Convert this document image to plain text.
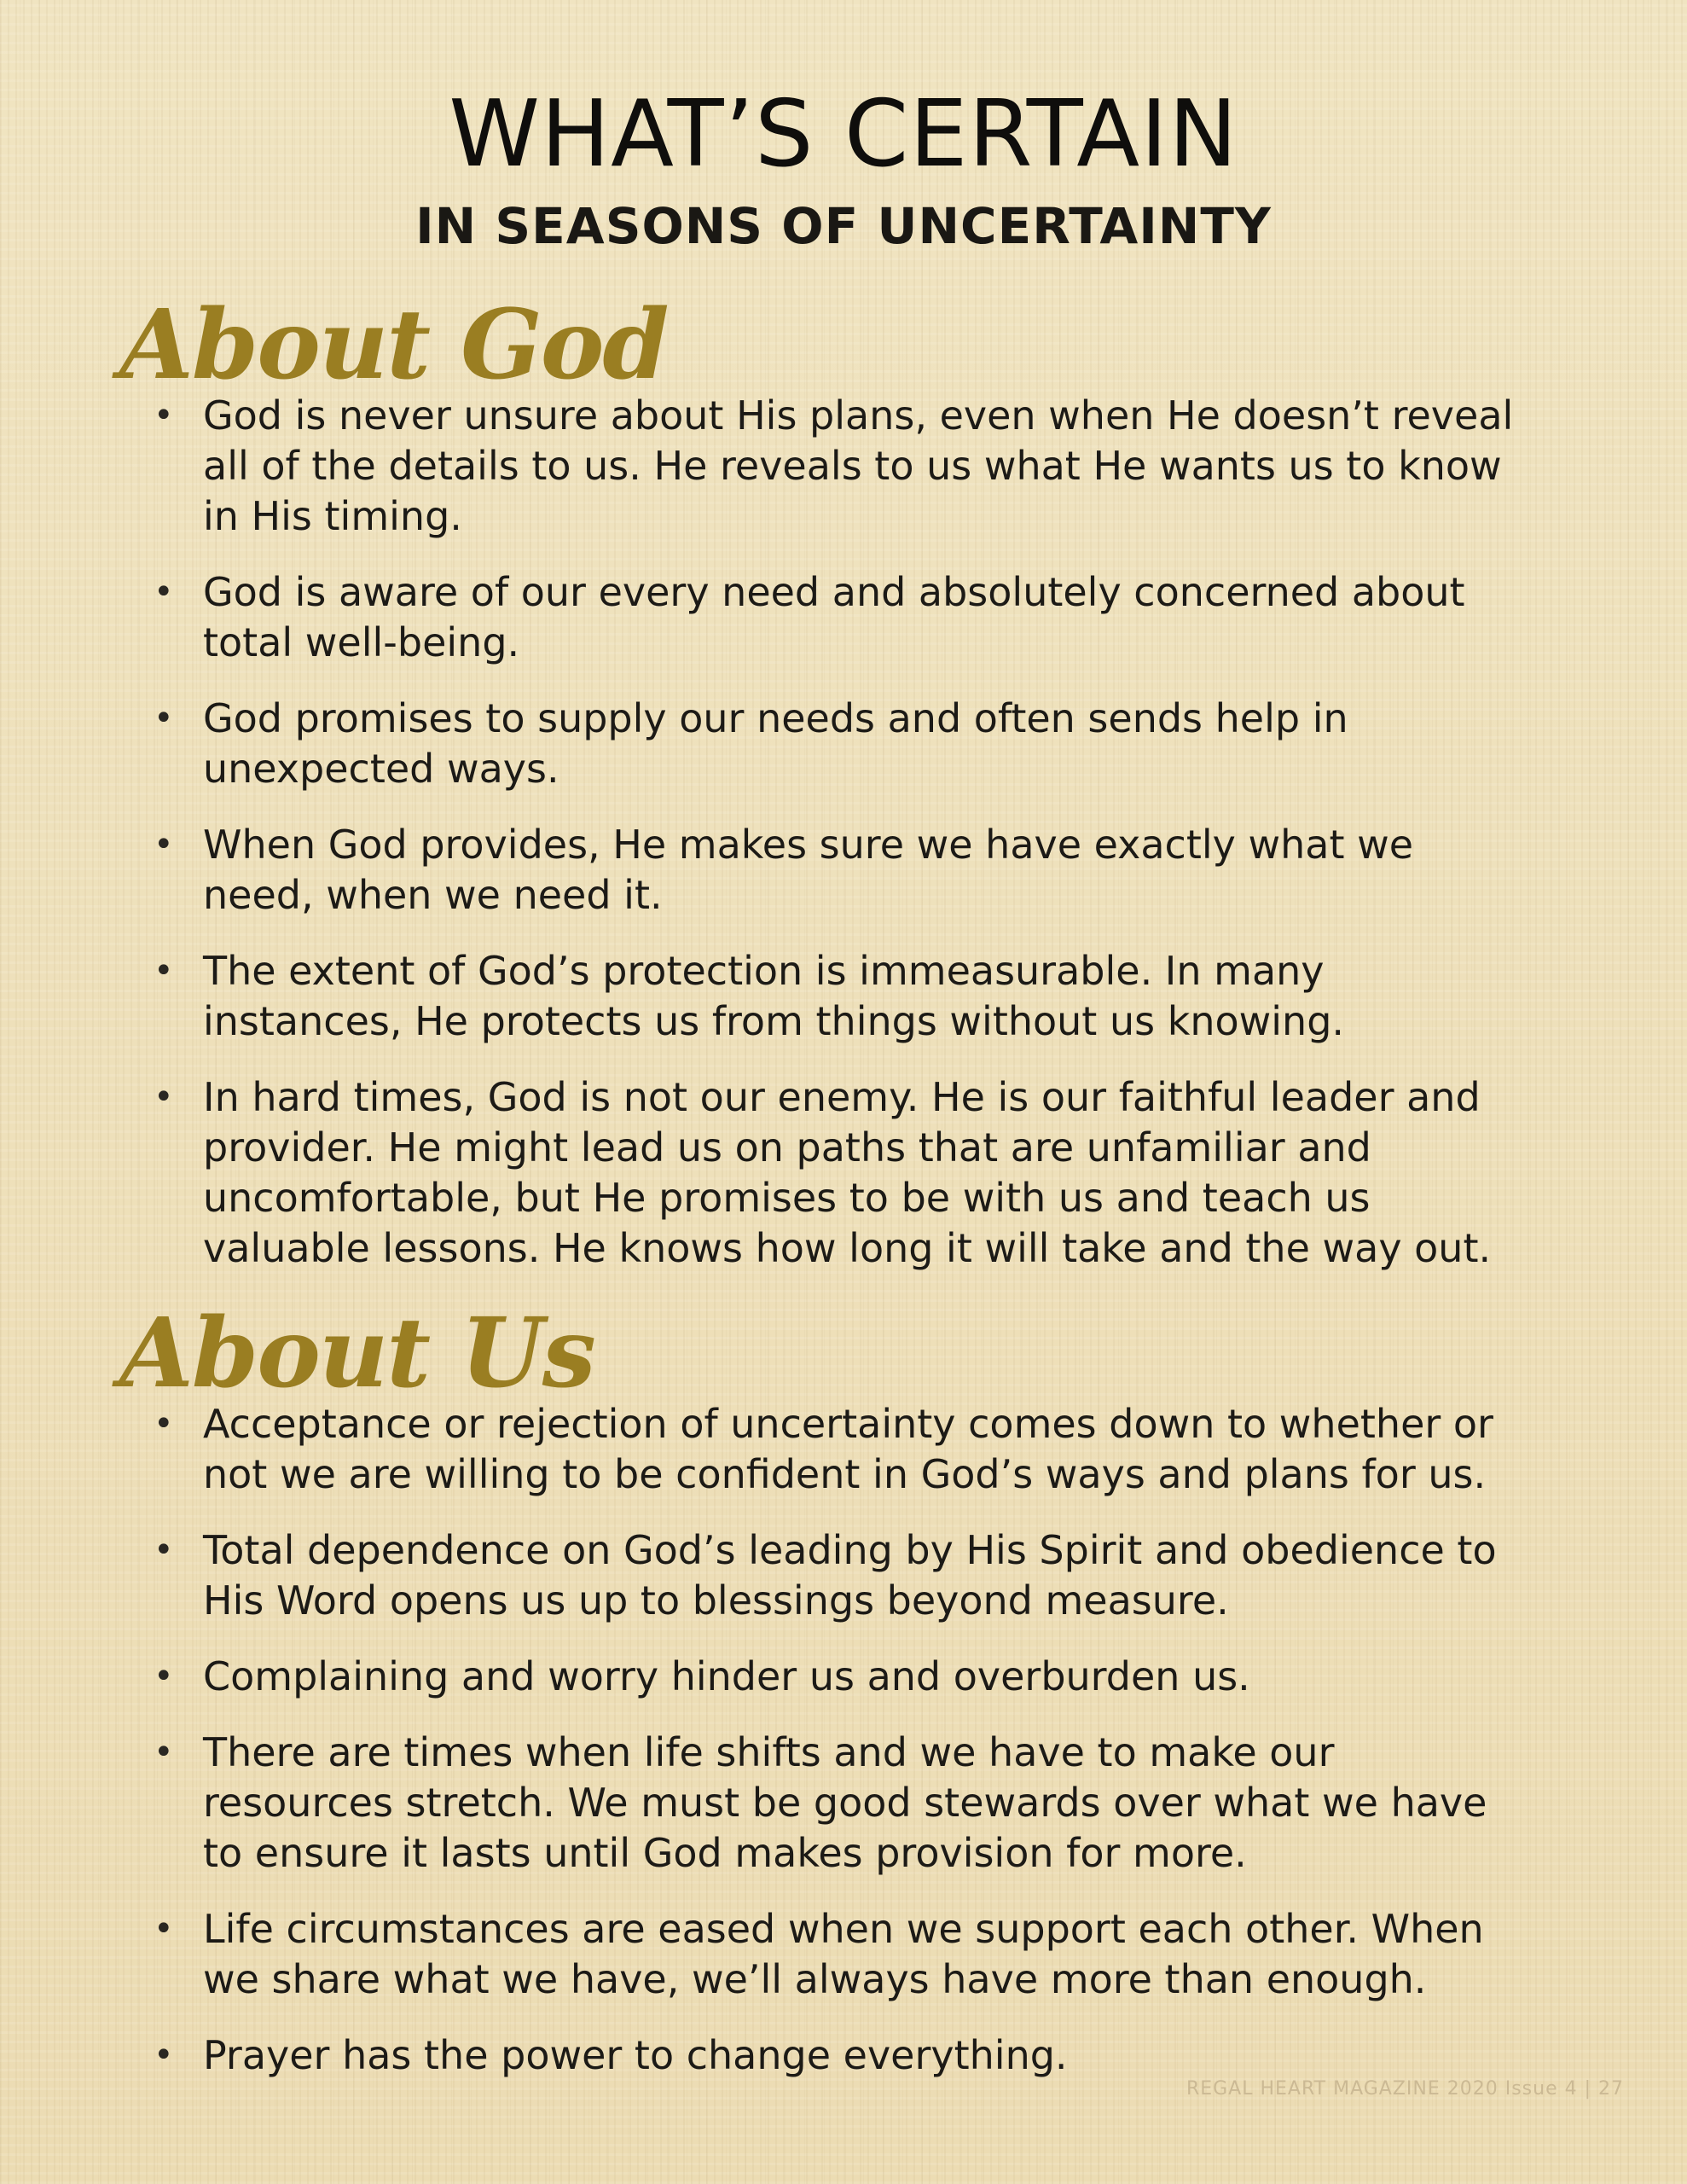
WHAT’S CERTAIN
IN SEASONS OF UNCERTAINTY
About God
• God is never unsure about His plans, even when He doesn’t reveal all of the details to us. He reveals to us what He wants us to know in His timing.
• God is aware of our every need and absolutely concerned about total well-being.
• God promises to supply our needs and often sends help in unexpected ways.
• When God provides, He makes sure we have exactly what we need, when we need it.
• The extent of God’s protection is immeasurable. In many instances, He protects us from things without us knowing.
• In hard times, God is not our enemy. He is our faithful leader and provider. He might lead us on paths that are unfamiliar and uncomfortable, but He promises to be with us and teach us valuable lessons. He knows how long it will take and the way out.
About Us
• Acceptance or rejection of uncertainty comes down to whether or not we are willing to be confident in God’s ways and plans for us.
• Total dependence on God’s leading by His Spirit and obedience to His Word opens us up to blessings beyond measure.
• Complaining and worry hinder us and overburden us.
• There are times when life shifts and we have to make our resources stretch. We must be good stewards over what we have to ensure it lasts until God makes provision for more.
• Life circumstances are eased when we support each other. When we share what we have, we’ll always have more than enough.
• Prayer has the power to change everything.

REGAL HEART MAGAZINE 2020 Issue 4 | 27
